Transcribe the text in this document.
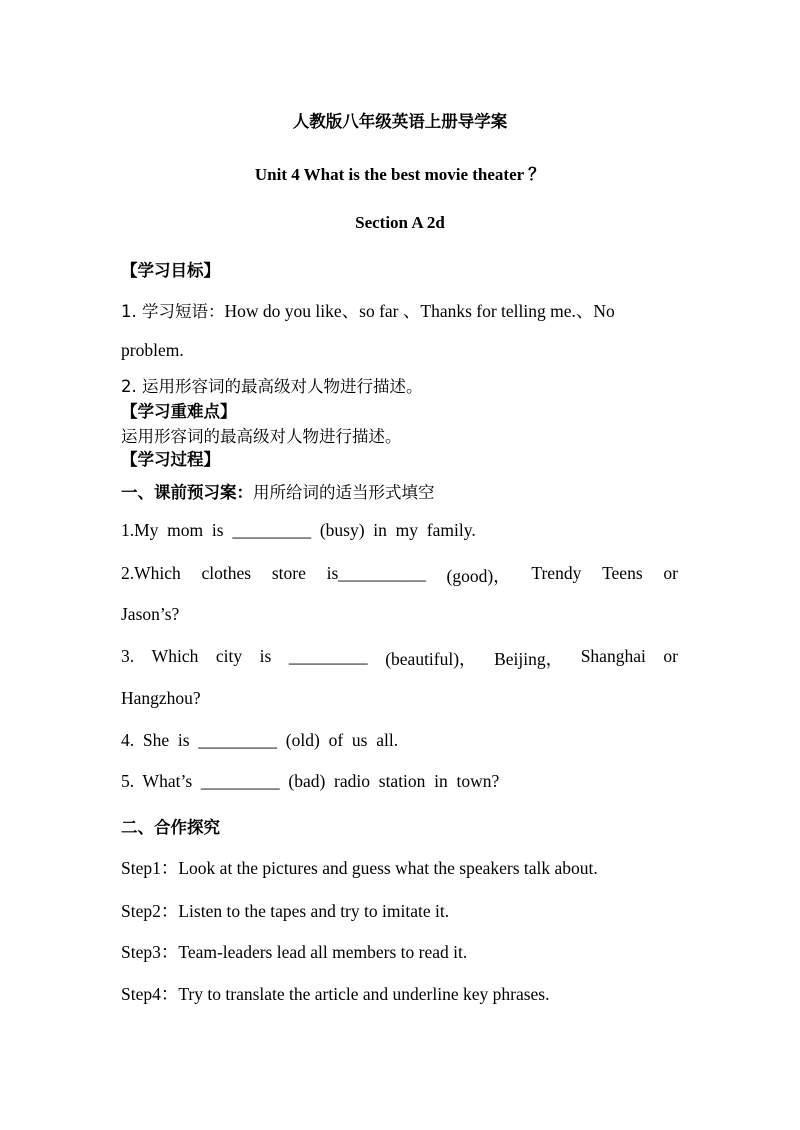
人教版八年级英语上册导学案
Unit 4 What is the best movie theater ？
Section A 2d
【学习目标】
1. 学习短语：How do you like、so far 、Thanks for telling me.、No
problem.
2. 运用形容词的最高级对人物进行描述。
【学习重难点】
运用形容词的最高级对人物进行描述。
【学习过程】
一、课前预习案：用所给词的适当形式填空
1.My  mom  is  _________  (busy)  in  my  family.
2.Which clothes store is__________ (good)， Trendy Teens or
Jason’s?
3. Which city is _________ (beautiful)， Beijing， Shanghai or
Hangzhou?
4.  She  is  _________  (old)  of  us  all.
5.  What’s  _________  (bad)  radio  station  in  town?
二、合作探究
Step1：Look at the pictures and guess what the speakers talk about.
Step2：Listen to the tapes and try to imitate it.
Step3：Team-leaders lead all members to read it.
Step4：Try to translate the article and underline key phrases.
